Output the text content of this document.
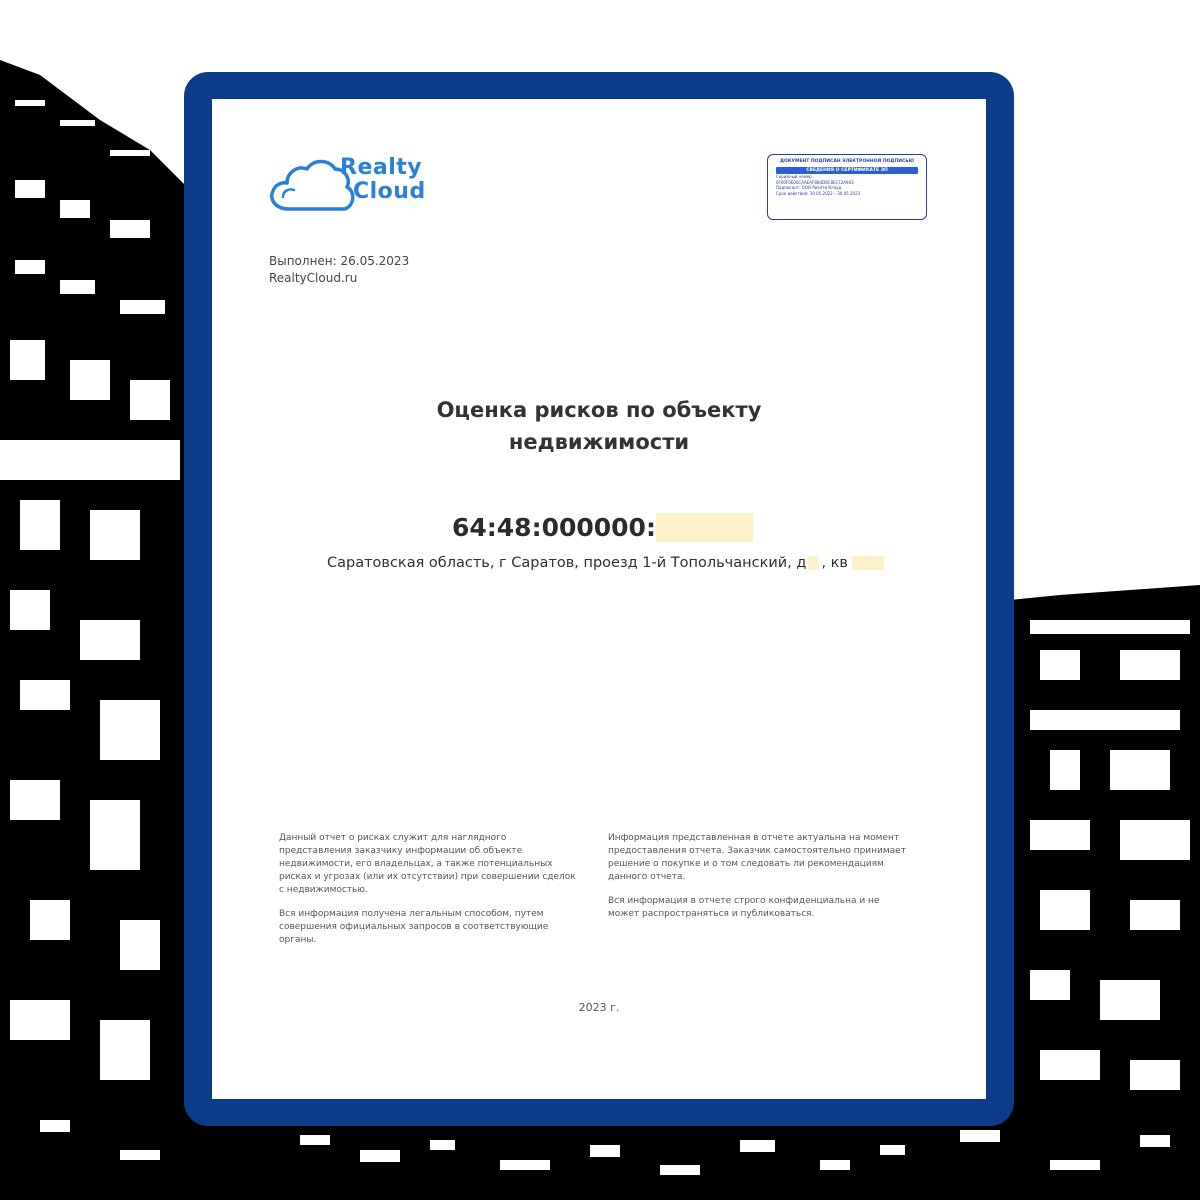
Realty
Cloud
ДОКУМЕНТ ПОДПИСАН ЭЛЕКТРОННОЙ ПОДПИСЬЮ
СВЕДЕНИЯ О СЕРТИФИКАТЕ ЭП
Серийный номер
0F00F0E00CAAEAF8B4D8C8ECF2A903
Подписант: ООО Риэлти Клауд
Срок действия: 30.05.2022 – 30.05.2023
Выполнен: 26.05.2023
RealtyCloud.ru
Оценка рисков по объекту
недвижимости
64:48:000000:
Саратовская область, г Саратов, проезд 1-й Топольчанский, д , кв

Данный отчет о рисках служит для наглядного представления заказчику информации об объекте недвижимости, его владельцах, а также потенциальных рисках и угрозах (или их отсутствии) при совершении сделок с недвижимостью.

Вся информация получена легальным способом, путем совершения официальных запросов в соответствующие органы.

Информация представленная в отчете актуальна на момент предоставления отчета. Заказчик самостоятельно принимает решение о покупке и о том следовать ли рекомендациям данного отчета.

Вся информация в отчете строго конфиденциальна и не может распространяться и публиковаться.

2023 г.
